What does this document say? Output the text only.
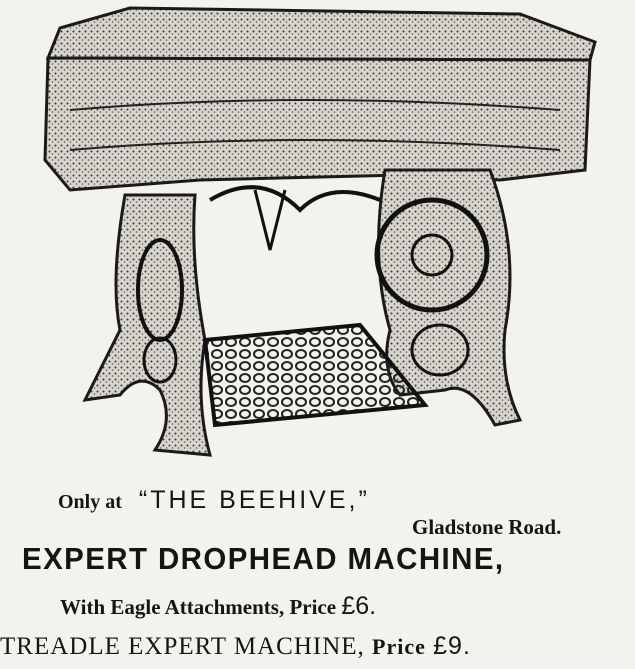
Only at “THE BEEHIVE,”
Gladstone Road.
EXPERT DROPHEAD MACHINE,
With Eagle Attachments, Price £6.
TREADLE EXPERT MACHINE, Price £9.
